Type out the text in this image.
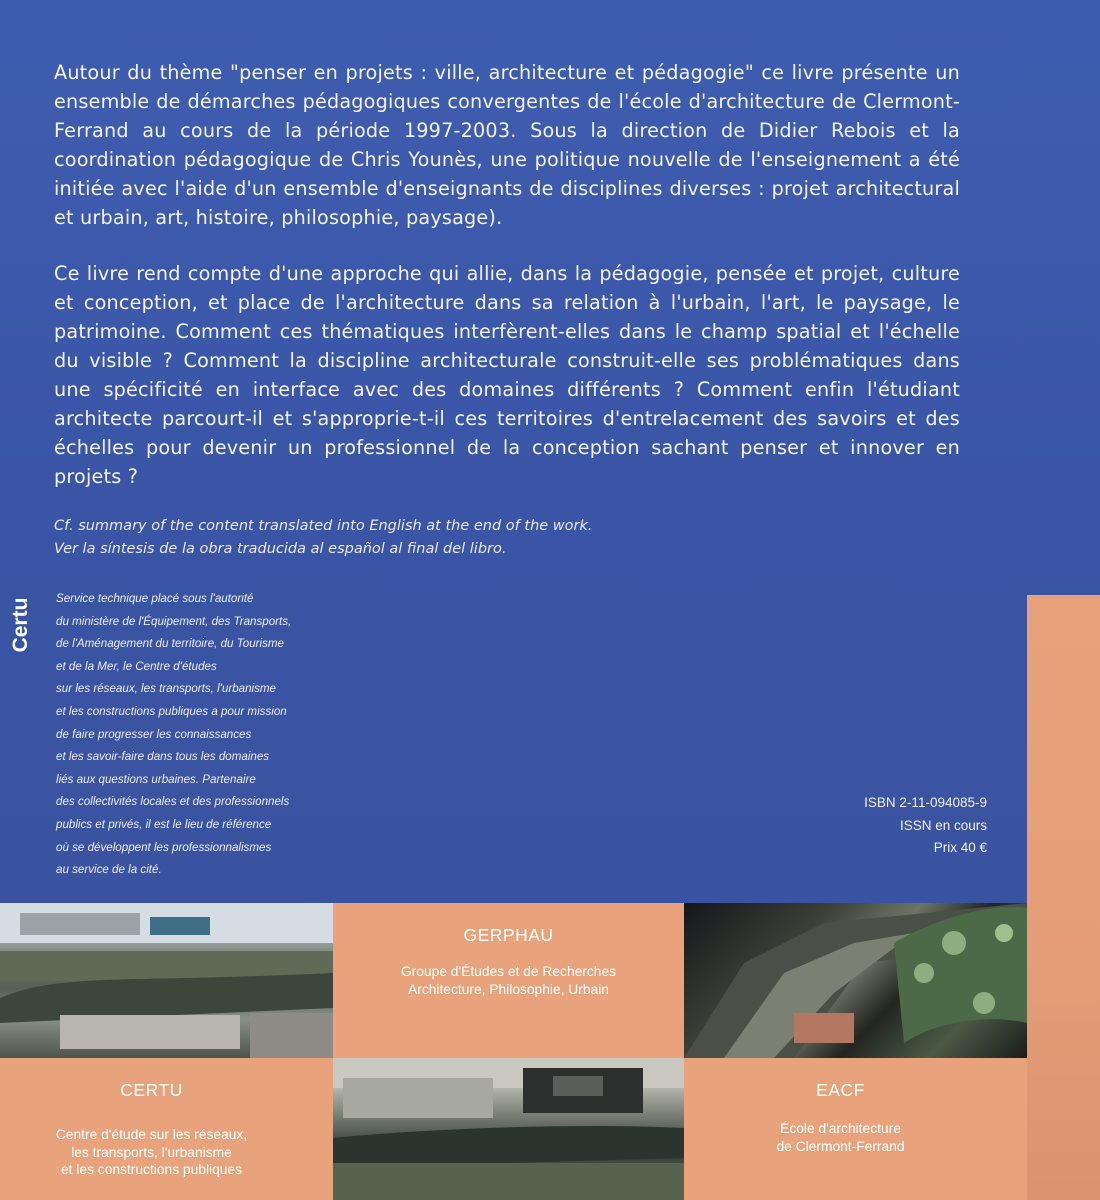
Autour du thème "penser en projets : ville, architecture et pédagogie" ce livre présente un ensemble de démarches pédagogiques convergentes de l'école d'architecture de Clermont-Ferrand au cours de la période 1997-2003. Sous la direction de Didier Rebois et la coordination pédagogique de Chris Younès, une politique nouvelle de l'enseignement a été initiée avec l'aide d'un ensemble d'enseignants de disciplines diverses : projet architectural et urbain, art, histoire, philosophie, paysage).
Ce livre rend compte d'une approche qui allie, dans la pédagogie, pensée et projet, culture et conception, et place de l'architecture dans sa relation à l'urbain, l'art, le paysage, le patrimoine. Comment ces thématiques interfèrent-elles dans le champ spatial et l'échelle du visible ? Comment la discipline architecturale construit-elle ses problématiques dans une spécificité en interface avec des domaines différents ? Comment enfin l'étudiant architecte parcourt-il et s'approprie-t-il ces territoires d'entrelacement des savoirs et des échelles pour devenir un professionnel de la conception sachant penser et innover en projets ?
Cf. summary of the content translated into English at the end of the work.
Ver la síntesis de la obra traducida al español al final del libro.
Certu Service technique placé sous l'autorité
du ministère de l'Équipement, des Transports,
de l'Aménagement du territoire, du Tourisme
et de la Mer, le Centre d'études
sur les réseaux, les transports, l'urbanisme
et les constructions publiques a pour mission
de faire progresser les connaissances
et les savoir-faire dans tous les domaines
liés aux questions urbaines. Partenaire
des collectivités locales et des professionnels
publics et privés, il est le lieu de référence
où se développent les professionnalismes
au service de la cité.
ISBN 2-11-094085-9
ISSN en cours
Prix 40 €
GERPHAU
Groupe d'Études et de Recherches
Architecture, Philosophie, Urbain
CERTU
Centre d'étude sur les réseaux,
les transports, l'urbanisme
et les constructions publiques
EACF
École d'architecture
de Clermont-Ferrand
